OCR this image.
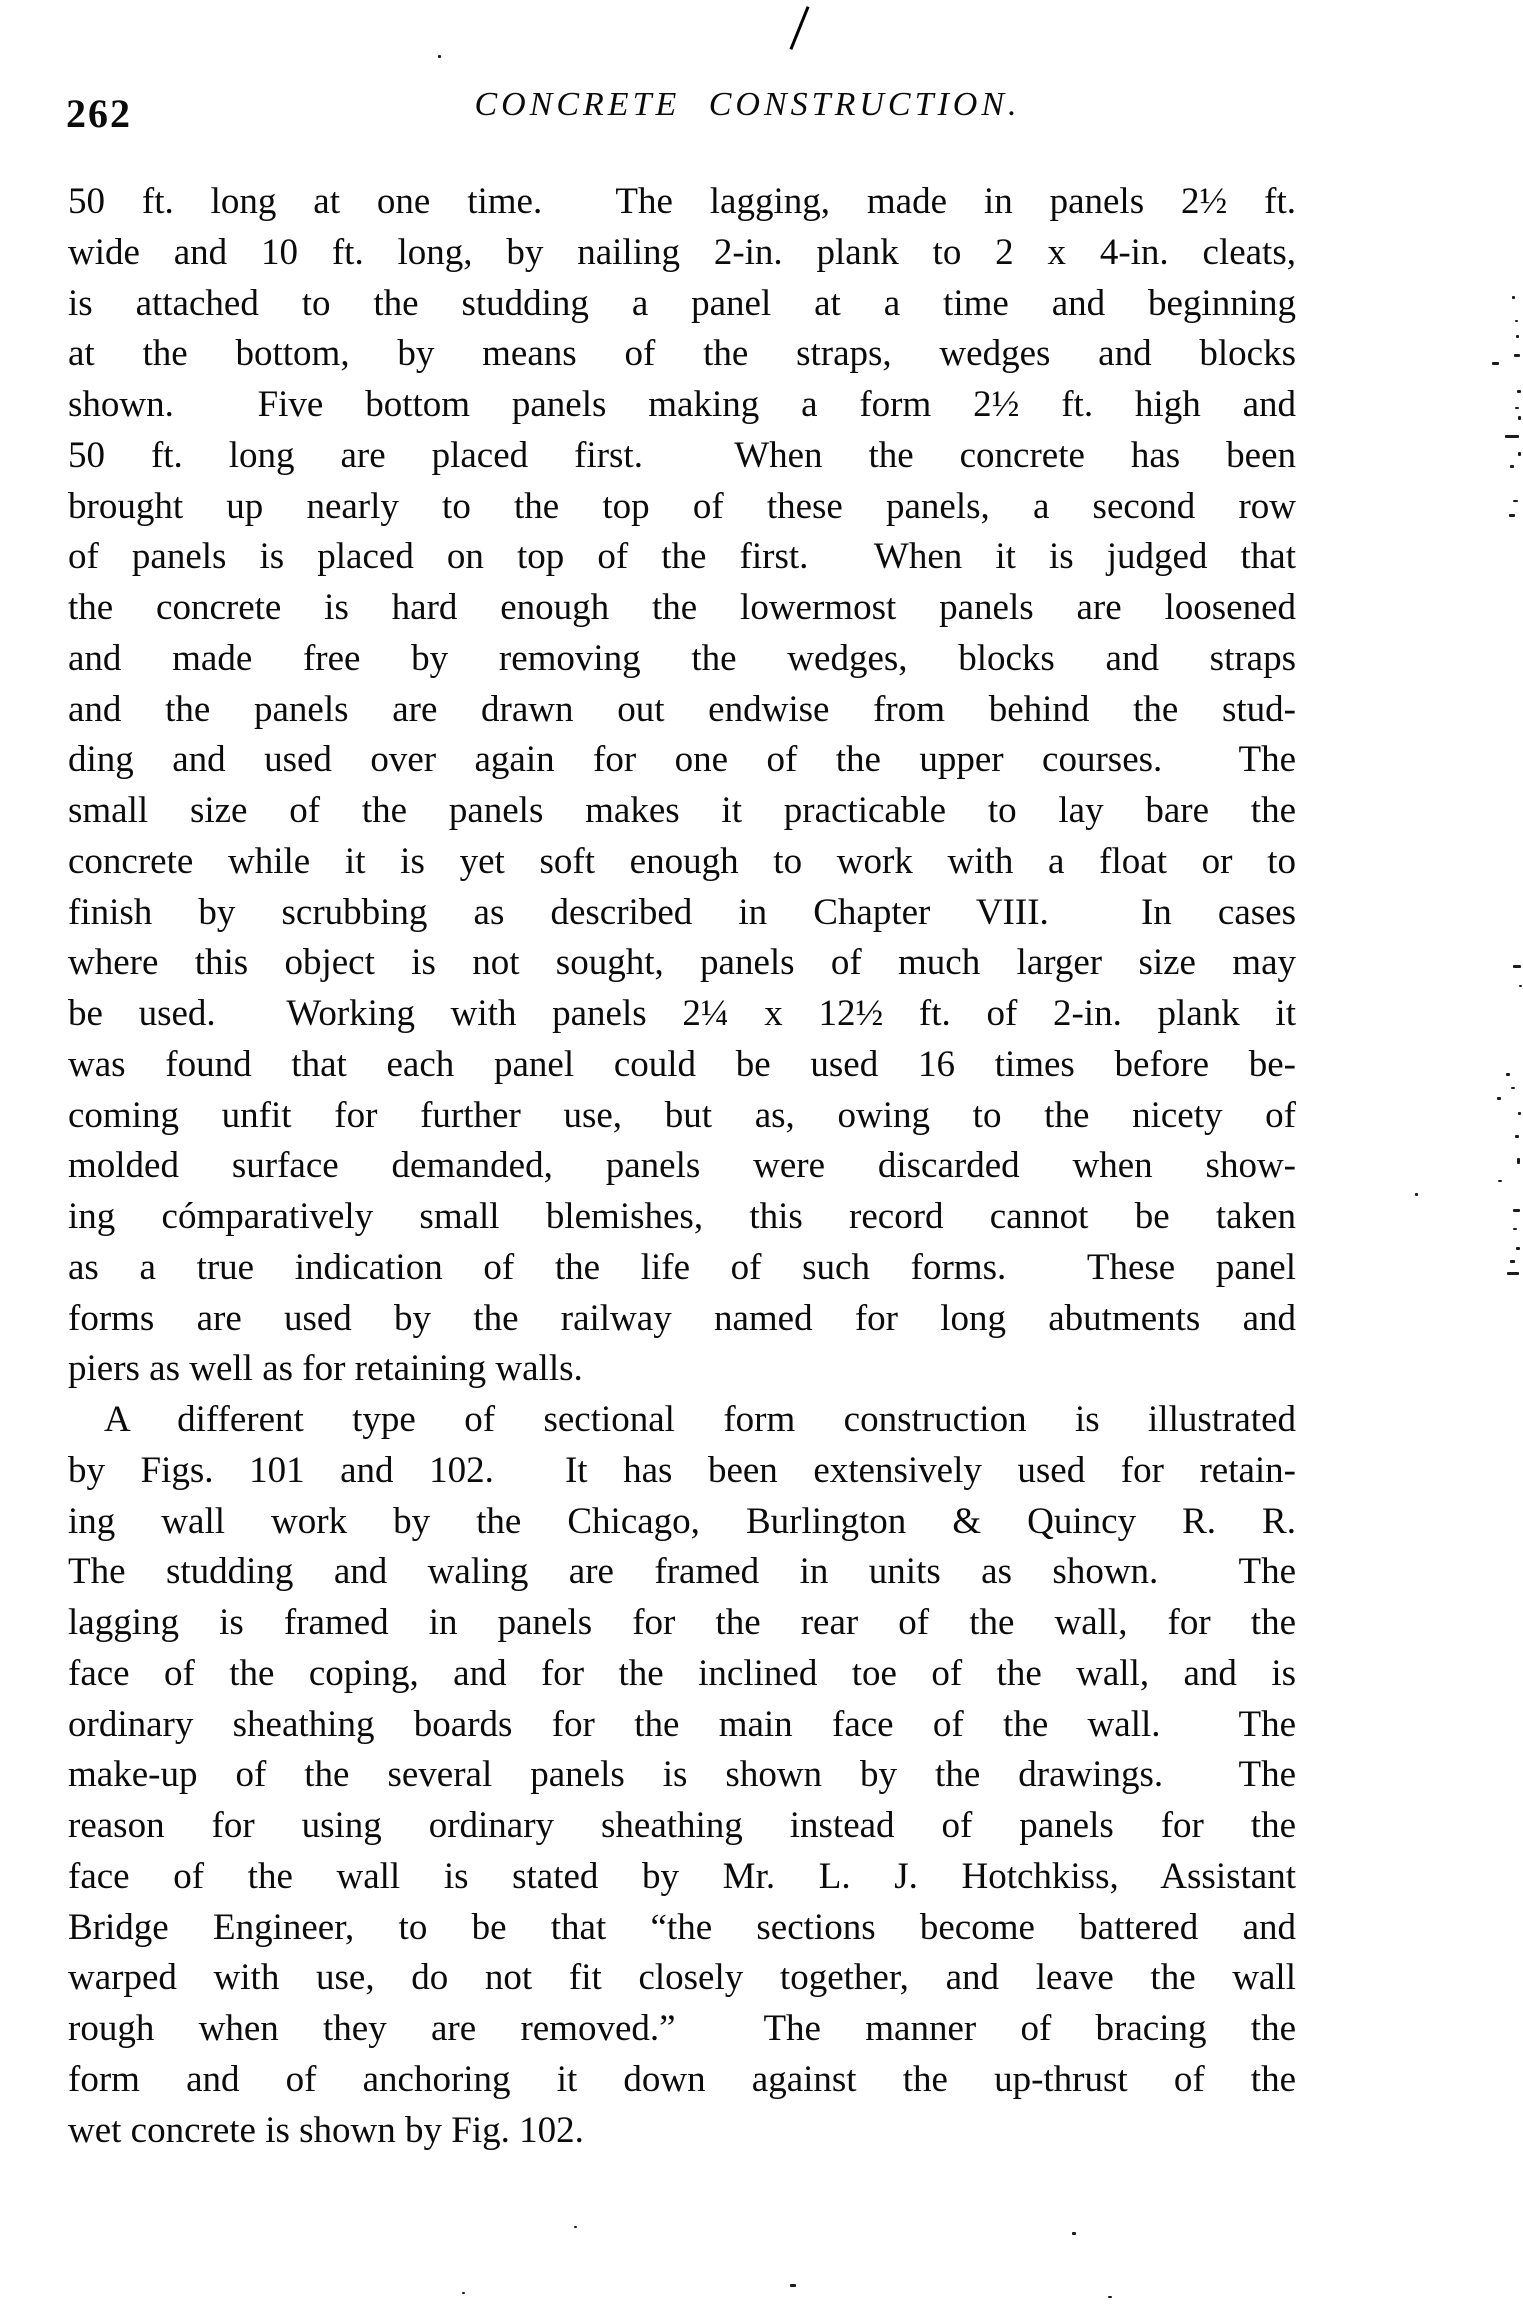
262	CONCRETE CONSTRUCTION.
50 ft. long at one time.  The lagging, made in panels 2½ ft.
wide and 10 ft. long, by nailing 2-in. plank to 2 x 4-in. cleats,
is attached to the studding a panel at a time and beginning
at the bottom, by means of the straps, wedges and blocks
shown.  Five bottom panels making a form 2½ ft. high and
50 ft. long are placed first.  When the concrete has been
brought up nearly to the top of these panels, a second row
of panels is placed on top of the first.  When it is judged that
the concrete is hard enough the lowermost panels are loosened
and made free by removing the wedges, blocks and straps
and the panels are drawn out endwise from behind the stud-
ding and used over again for one of the upper courses.  The
small size of the panels makes it practicable to lay bare the
concrete while it is yet soft enough to work with a float or to
finish by scrubbing as described in Chapter VIII.  In cases
where this object is not sought, panels of much larger size may
be used.  Working with panels 2¼ x 12½ ft. of 2-in. plank it
was found that each panel could be used 16 times before be-
coming unfit for further use, but as, owing to the nicety of
molded surface demanded, panels were discarded when show-
ing cómparatively small blemishes, this record cannot be taken
as a true indication of the life of such forms.  These panel
forms are used by the railway named for long abutments and
piers as well as for retaining walls.
A different type of sectional form construction is illustrated
by Figs. 101 and 102.  It has been extensively used for retain-
ing wall work by the Chicago, Burlington & Quincy R. R.
The studding and waling are framed in units as shown.  The
lagging is framed in panels for the rear of the wall, for the
face of the coping, and for the inclined toe of the wall, and is
ordinary sheathing boards for the main face of the wall.  The
make-up of the several panels is shown by the drawings.  The
reason for using ordinary sheathing instead of panels for the
face of the wall is stated by Mr. L. J. Hotchkiss, Assistant
Bridge Engineer, to be that “the sections become battered and
warped with use, do not fit closely together, and leave the wall
rough when they are removed.”  The manner of bracing the
form and of anchoring it down against the up-thrust of the
wet concrete is shown by Fig. 102.
